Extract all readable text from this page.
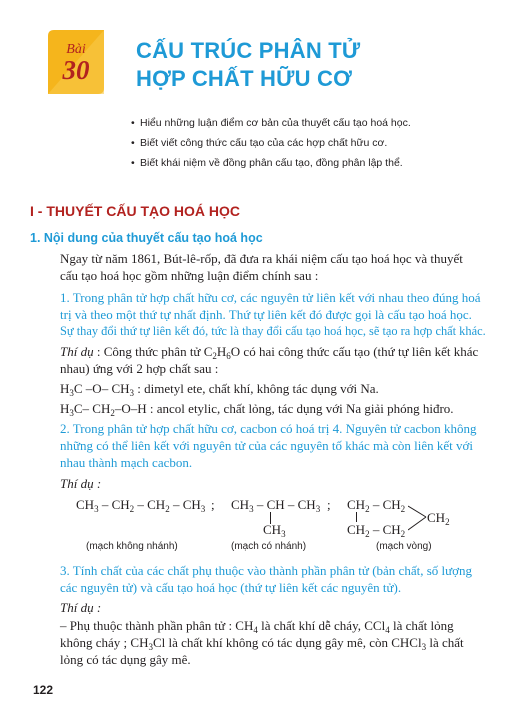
Bài
30
CẤU TRÚC PHÂN TỬ
HỢP CHẤT HỮU CƠ
• Hiểu những luận điểm cơ bản của thuyết cấu tạo hoá học.
• Biết viết công thức cấu tạo của các hợp chất hữu cơ.
• Biết khái niệm về đồng phân cấu tạo, đồng phân lập thể.
I - THUYẾT CẤU TẠO HOÁ HỌC
1. Nội dung của thuyết cấu tạo hoá học
Ngay từ năm 1861, Bút-lê-rốp, đã đưa ra khái niệm cấu tạo hoá học và thuyết
cấu tạo hoá học gồm những luận điểm chính sau :
1. Trong phân tử hợp chất hữu cơ, các nguyên tử liên kết với nhau theo đúng hoá
trị và theo một thứ tự nhất định. Thứ tự liên kết đó được gọi là cấu tạo hoá học.
Sự thay đổi thứ tự liên kết đó, tức là thay đổi cấu tạo hoá học, sẽ tạo ra hợp chất khác.
Thí dụ : Công thức phân tử $C_2H_6O$ có hai công thức cấu tạo (thứ tự liên kết khác
nhau) ứng với 2 hợp chất sau :
$H_3C$ –O– $CH_3$ : dimetyl ete, chất khí, không tác dụng với Na.
$H_3C-$ $CH_2-O-H$ : ancol etylic, chất lỏng, tác dụng với Na giải phóng hiđro.
2. Trong phân tử hợp chất hữu cơ, cacbon có hoá trị 4. Nguyên tử cacbon không
những có thể liên kết với nguyên tử của các nguyên tố khác mà còn liên kết với
nhau thành mạch cacbon.
Thí dụ :
$CH_3 - CH_2 - CH_2 - CH_3$ ; $CH_3$ – CH – $CH_3$
$CH_3$
; $CH_2 - CH_2$
$CH_2 - CH_2$
$CH_2$
(mạch không nhánh)	(mạch có nhánh)	(mạch vòng)
3. Tính chất của các chất phụ thuộc vào thành phần phân tử (bản chất, số lượng
các nguyên tử) và cấu tạo hoá học (thứ tự liên kết các nguyên tử).
Thí dụ :
– Phụ thuộc thành phần phân tử : $CH_4$ là chất khí dễ cháy, CCl$_4$ là chất lỏng
không cháy ; $CH_3Cl$ là chất khí không có tác dụng gây mê, còn CHCl$_3$ là chất
lỏng có tác dụng gây mê.
122
